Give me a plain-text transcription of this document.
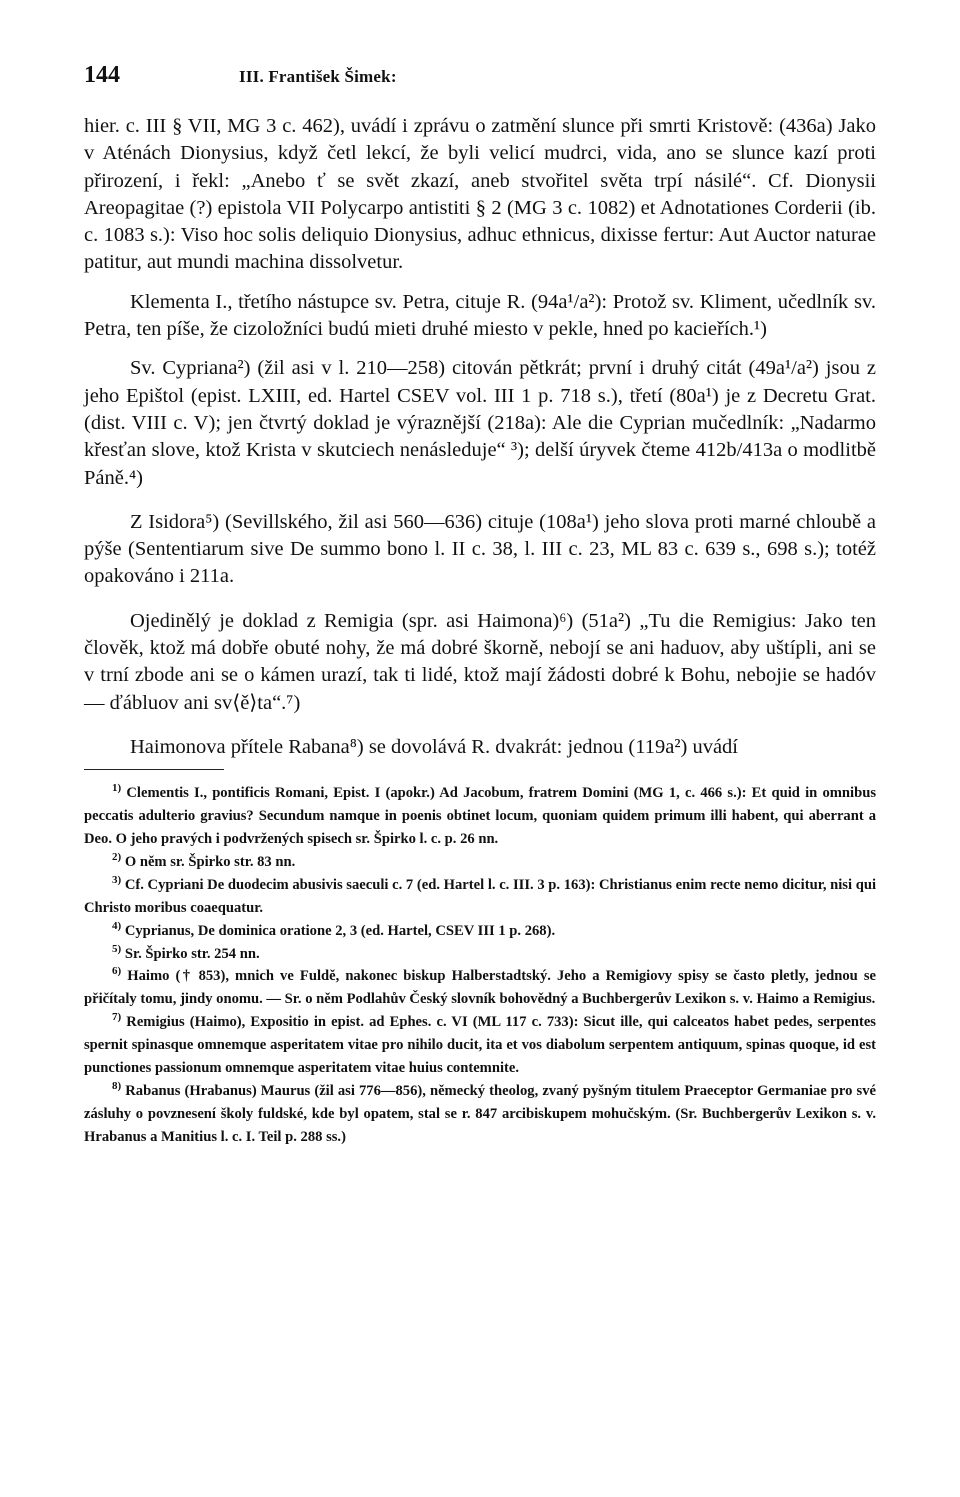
144	III. František Šimek:

hier. c. III § VII, MG 3 c. 462), uvádí i zprávu o zatmění slunce při smrti Kristově: (436a) Jako v Aténách Dionysius, když četl lekcí, že byli velicí mudrci, vida, ano se slunce kazí proti přirození, i řekl: „Anebo ť se svět zkazí, aneb stvořitel světa trpí násilé“. Cf. Dionysii Areopagitae (?) epistola VII Polycarpo antistiti § 2 (MG 3 c. 1082) et Adnotationes Corderii (ib. c. 1083 s.): Viso hoc solis deliquio Dionysius, adhuc ethnicus, dixisse fertur: Aut Auctor naturae patitur, aut mundi machina dissolvetur.

Klementa I., třetího nástupce sv. Petra, cituje R. (94a¹/a²): Protož sv. Kliment, učedlník sv. Petra, ten píše, že cizoložníci budú mieti druhé miesto v pekle, hned po kacieřích.¹)

Sv. Cypriana²) (žil asi v l. 210—258) citován pětkrát; první i druhý citát (49a¹/a²) jsou z jeho Epištol (epist. LXIII, ed. Hartel CSEV vol. III 1 p. 718 s.), třetí (80a¹) je z Decretu Grat. (dist. VIII c. V); jen čtvrtý doklad je výraznější (218a): Ale die Cyprian mučedlník: „Nadarmo křesťan slove, ktož Krista v skutciech nenásleduje“ ³); delší úryvek čteme 412b/413a o modlitbě Páně.⁴)

Z Isidora⁵) (Sevillského, žil asi 560—636) cituje (108a¹) jeho slova proti marné chloubě a pýše (Sententiarum sive De summo bono l. II c. 38, l. III c. 23, ML 83 c. 639 s., 698 s.); totéž opakováno i 211a.

Ojedinělý je doklad z Remigia (spr. asi Haimona)⁶) (51a²) „Tu die Remigius: Jako ten člověk, ktož má dobře obuté nohy, že má dobré škorně, nebojí se ani haduov, aby uštípli, ani se v trní zbode ani se o kámen urazí, tak ti lidé, ktož mají žádosti dobré k Bohu, nebojie se hadóv — ďábluov ani sv⟨ě⟩ta“.⁷)

Haimonova přítele Rabana⁸) se dovolává R. dvakrát: jednou (119a²) uvádí

$^{1)}$ Clementis I., pontificis Romani, Epist. I (apokr.) Ad Jacobum, fratrem Domini (MG 1, c. 466 s.): Et quid in omnibus peccatis adulterio gravius? Secundum namque in poenis obtinet locum, quoniam quidem primum illi habent, qui aberrant a Deo. O jeho pravých i podvržených spisech sr. Špirko l. c. p. 26 nn.

$^{2)}$ O něm sr. Špirko str. 83 nn.

$^{3)}$ Cf. Cypriani De duodecim abusivis saeculi c. 7 (ed. Hartel l. c. III. 3 p. 163): Christianus enim recte nemo dicitur, nisi qui Christo moribus coaequatur.

$^{4)}$ Cyprianus, De dominica oratione 2, 3 (ed. Hartel, CSEV III 1 p. 268).

$^{5)}$ Sr. Špirko str. 254 nn.

$^{6)}$ Haimo († 853), mnich ve Fuldě, nakonec biskup Halberstadtský. Jeho a Remigiovy spisy se často pletly, jednou se přičítaly tomu, jindy onomu. — Sr. o něm Podlahův Český slovník bohovědný a Buchbergerův Lexikon s. v. Haimo a Remigius.

$^{7)}$ Remigius (Haimo), Expositio in epist. ad Ephes. c. VI (ML 117 c. 733): Sicut ille, qui calceatos habet pedes, serpentes spernit spinasque omnemque asperitatem vitae pro nihilo ducit, ita et vos diabolum serpentem antiquum, spinas quoque, id est punctiones passionum omnemque asperitatem vitae huius contemnite.

$^{8)}$ Rabanus (Hrabanus) Maurus (žil asi 776—856), německý theolog, zvaný pyšným titulem Praeceptor Germaniae pro své zásluhy o povznesení školy fuldské, kde byl opatem, stal se r. 847 arcibiskupem mohučským. (Sr. Buchbergerův Lexikon s. v. Hrabanus a Manitius l. c. I. Teil p. 288 ss.)
